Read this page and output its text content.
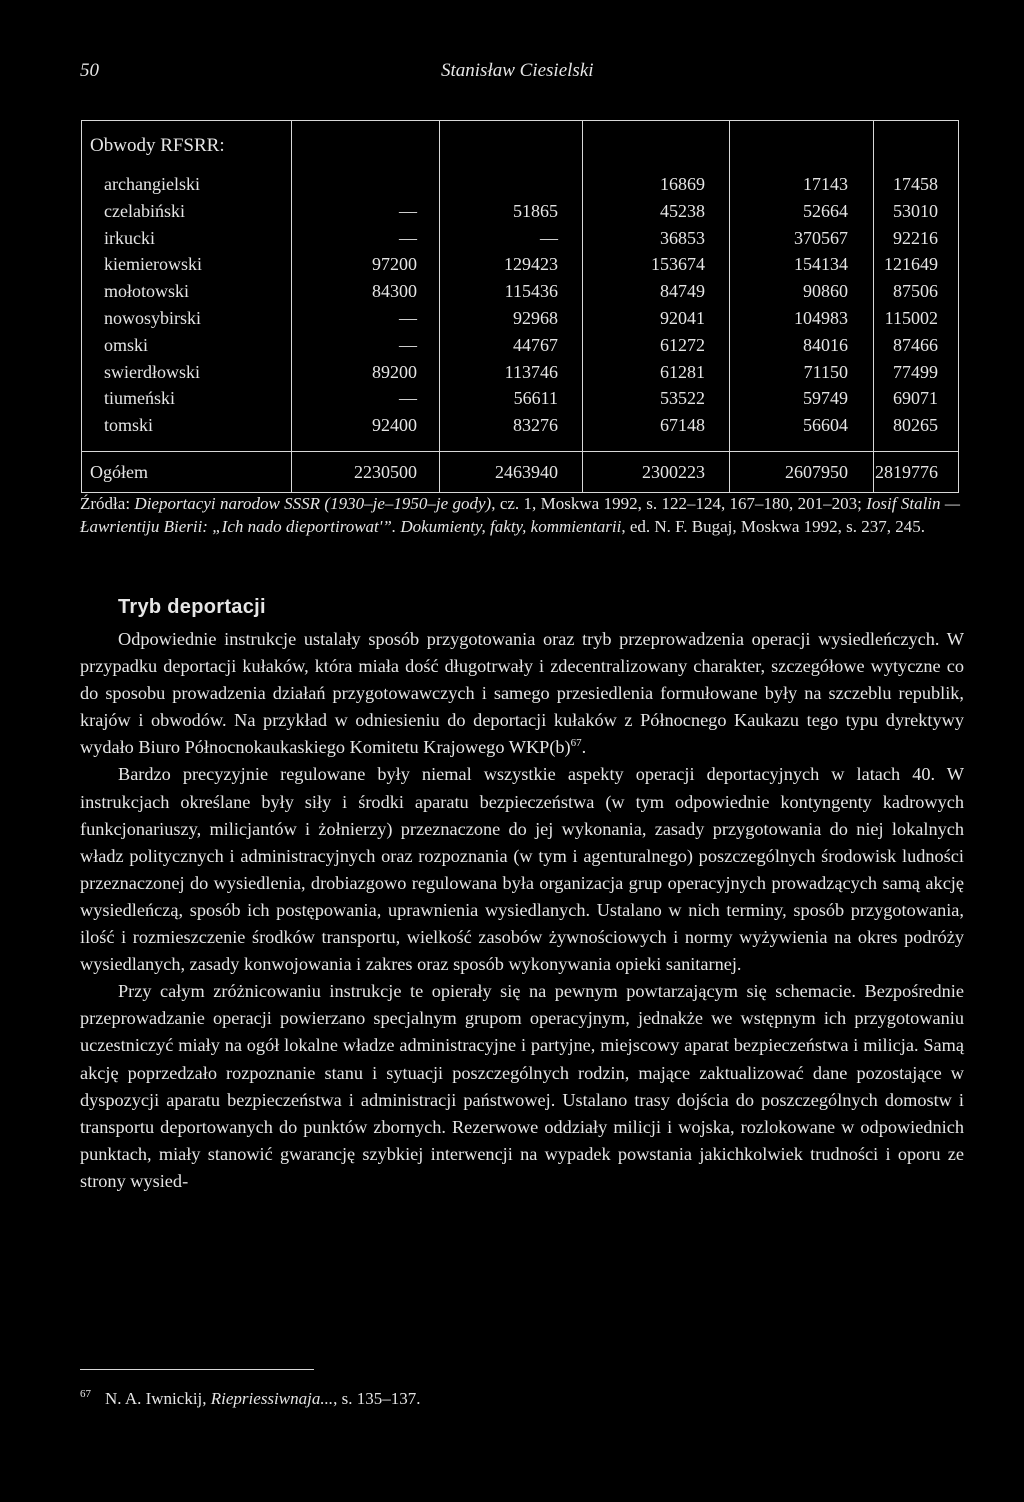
50	Stanisław Ciesielski
Obwody RFSRR:					
archangielski			16869	17143	17458
czelabiński	—	51865	45238	52664	53010
irkucki	—	—	36853	370567	92216
kiemierowski	97200	129423	153674	154134	121649
mołotowski	84300	115436	84749	90860	87506
nowosybirski	—	92968	92041	104983	115002
omski	—	44767	61272	84016	87466
swierdłowski	89200	113746	61281	71150	77499
tiumeński	—	56611	53522	59749	69071
tomski	92400	83276	67148	56604	80265

Ogółem	2230500	2463940	2300223	2607950	2819776
Źródła: Dieportacyi narodow SSSR (1930–je–1950–je gody), cz. 1, Moskwa 1992, s. 122–124, 167–180, 201–203; Iosif Stalin — Ławrientiju Bierii: „Ich nado dieportirowat'”. Dokumienty, fakty, kommientarii, ed. N. F. Bugaj, Moskwa 1992, s. 237, 245.
Tryb deportacji

Odpowiednie instrukcje ustalały sposób przygotowania oraz tryb przeprowadzenia operacji wysiedleńczych. W przypadku deportacji kułaków, która miała dość długotrwały i zdecentralizowany charakter, szczegółowe wytyczne co do sposobu prowadzenia działań przygotowawczych i samego przesiedlenia formułowane były na szczeblu republik, krajów i obwodów. Na przykład w odniesieniu do deportacji kułaków z Północnego Kaukazu tego typu dyrektywy wydało Biuro Północnokaukaskiego Komitetu Krajowego $WKP(b)^{67}$.

Bardzo precyzyjnie regulowane były niemal wszystkie aspekty operacji deportacyjnych w latach 40. W instrukcjach określane były siły i środki aparatu bezpieczeństwa (w tym odpowiednie kontyngenty kadrowych funkcjonariuszy, milicjantów i żołnierzy) przeznaczone do jej wykonania, zasady przygotowania do niej lokalnych władz politycznych i administracyjnych oraz rozpoznania (w tym i agenturalnego) poszczególnych środowisk ludności przeznaczonej do wysiedlenia, drobiazgowo regulowana była organizacja grup operacyjnych prowadzących samą akcję wysiedleńczą, sposób ich postępowania, uprawnienia wysiedlanych. Ustalano w nich terminy, sposób przygotowania, ilość i rozmieszczenie środków transportu, wielkość zasobów żywnościowych i normy wyżywienia na okres podróży wysiedlanych, zasady konwojowania i zakres oraz sposób wykonywania opieki sanitarnej.

Przy całym zróżnicowaniu instrukcje te opierały się na pewnym powtarzającym się schemacie. Bezpośrednie przeprowadzanie operacji powierzano specjalnym grupom operacyjnym, jednakże we wstępnym ich przygotowaniu uczestniczyć miały na ogół lokalne władze administracyjne i partyjne, miejscowy aparat bezpieczeństwa i milicja. Samą akcję poprzedzało rozpoznanie stanu i sytuacji poszczególnych rodzin, mające zaktualizować dane pozostające w dyspozycji aparatu bezpieczeństwa i administracji państwowej. Ustalano trasy dojścia do poszczególnych domostw i transportu deportowanych do punktów zbornych. Rezerwowe oddziały milicji i wojska, rozlokowane w odpowiednich punktach, miały stanowić gwarancję szybkiej interwencji na wypadek powstania jakichkolwiek trudności i oporu ze strony wysied-

$^{67}$ N. A. Iwnickij, Riepriessiwnaja..., s. 135–137.
